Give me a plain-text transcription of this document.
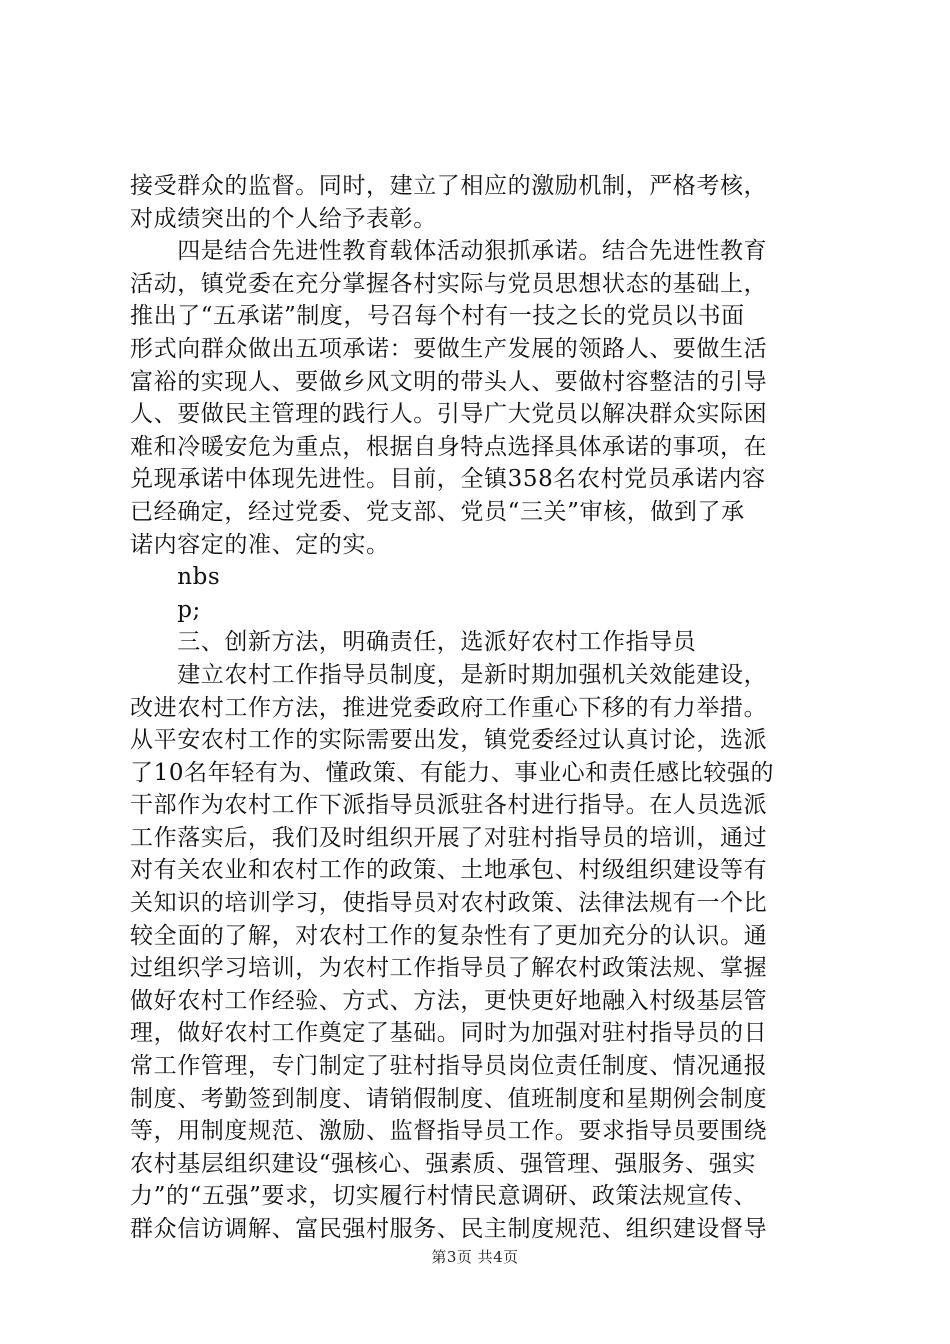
接受群众的监督。同时，建立了相应的激励机制，严格考核，
对成绩突出的个人给予表彰。
　　四是结合先进性教育载体活动狠抓承诺。结合先进性教育
活动，镇党委在充分掌握各村实际与党员思想状态的基础上，
推出了“五承诺”制度，号召每个村有一技之长的党员以书面
形式向群众做出五项承诺：要做生产发展的领路人、要做生活
富裕的实现人、要做乡风文明的带头人、要做村容整洁的引导
人、要做民主管理的践行人。引导广大党员以解决群众实际困
难和冷暖安危为重点，根据自身特点选择具体承诺的事项，在
兑现承诺中体现先进性。目前，全镇358名农村党员承诺内容
已经确定，经过党委、党支部、党员“三关”审核，做到了承
诺内容定的准、定的实。
　　nbs
　　p;
　　三、创新方法，明确责任，选派好农村工作指导员
　　建立农村工作指导员制度，是新时期加强机关效能建设，
改进农村工作方法，推进党委政府工作重心下移的有力举措。
从平安农村工作的实际需要出发，镇党委经过认真讨论，选派
了10名年轻有为、懂政策、有能力、事业心和责任感比较强的
干部作为农村工作下派指导员派驻各村进行指导。在人员选派
工作落实后，我们及时组织开展了对驻村指导员的培训，通过
对有关农业和农村工作的政策、土地承包、村级组织建设等有
关知识的培训学习，使指导员对农村政策、法律法规有一个比
较全面的了解，对农村工作的复杂性有了更加充分的认识。通
过组织学习培训，为农村工作指导员了解农村政策法规、掌握
做好农村工作经验、方式、方法，更快更好地融入村级基层管
理，做好农村工作奠定了基础。同时为加强对驻村指导员的日
常工作管理，专门制定了驻村指导员岗位责任制度、情况通报
制度、考勤签到制度、请销假制度、值班制度和星期例会制度
等，用制度规范、激励、监督指导员工作。要求指导员要围绕
农村基层组织建设“强核心、强素质、强管理、强服务、强实
力”的“五强”要求，切实履行村情民意调研、政策法规宣传、
群众信访调解、富民强村服务、民主制度规范、组织建设督导
第3页 共4页
